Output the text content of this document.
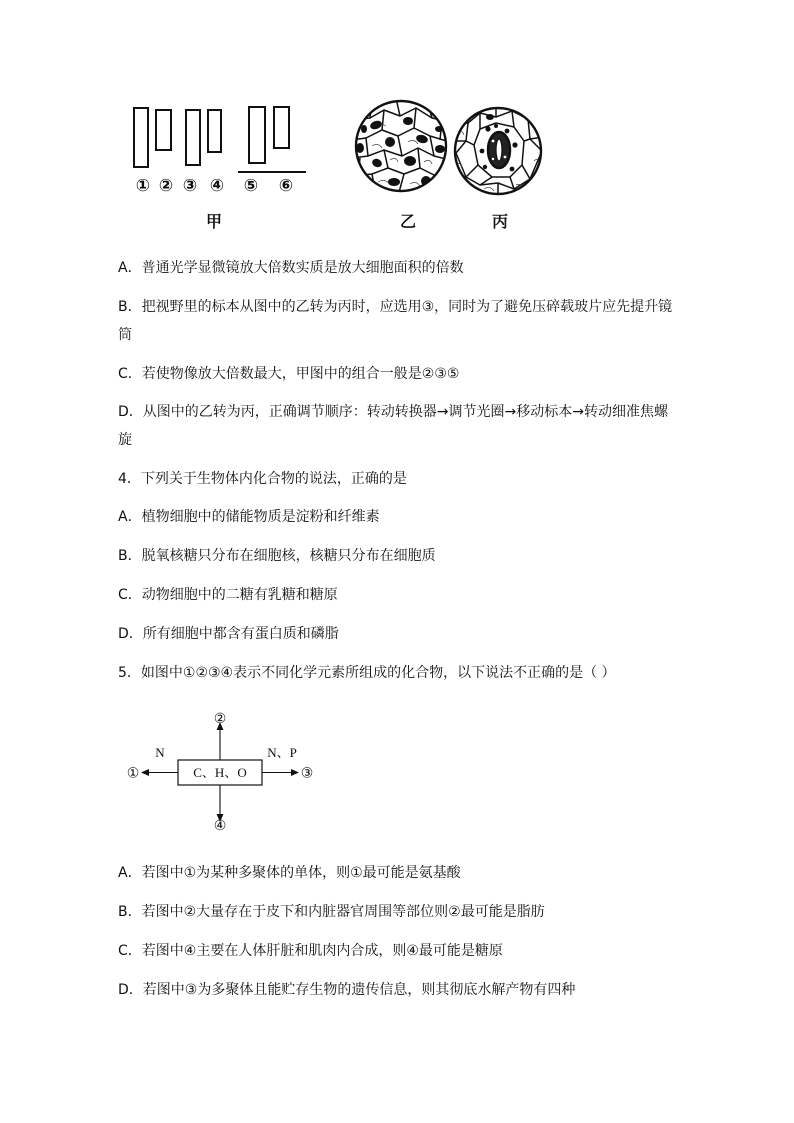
① ② ③ ④ ⑤ ⑥
甲	乙	丙
A．普通光学显微镜放大倍数实质是放大细胞面积的倍数
B．把视野里的标本从图中的乙转为丙时，应选用③，同时为了避免压碎载玻片应先提升镜
筒
C．若使物像放大倍数最大，甲图中的组合一般是②③⑤
D．从图中的乙转为丙，正确调节顺序：转动转换器→调节光圈→移动标本→转动细准焦螺
旋
4．下列关于生物体内化合物的说法，正确的是
A．植物细胞中的储能物质是淀粉和纤维素
B．脱氧核糖只分布在细胞核，核糖只分布在细胞质
C．动物细胞中的二糖有乳糖和糖原
D．所有细胞中都含有蛋白质和磷脂
5．如图中①②③④表示不同化学元素所组成的化合物，以下说法不正确的是（ ）
C、H、O
②
④
①
N
③
N、P
A．若图中①为某种多聚体的单体，则①最可能是氨基酸
B．若图中②大量存在于皮下和内脏器官周围等部位则②最可能是脂肪
C．若图中④主要在人体肝脏和肌肉内合成，则④最可能是糖原
D．若图中③为多聚体且能贮存生物的遗传信息，则其彻底水解产物有四种
